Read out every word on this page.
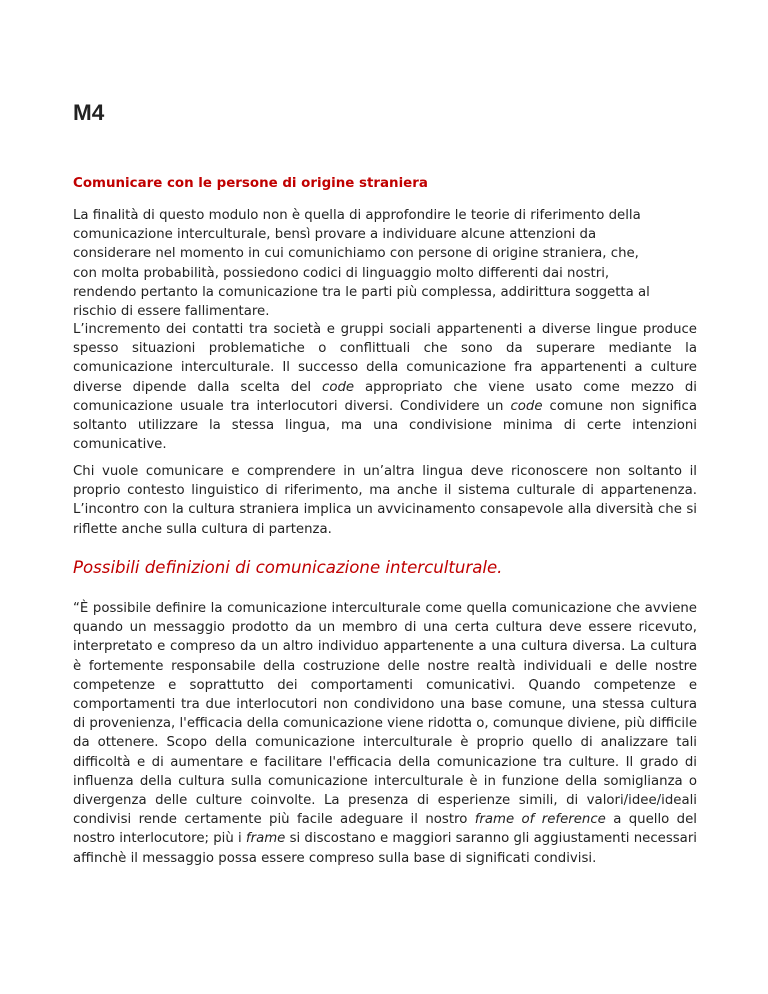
M4
Comunicare con le persone di origine straniera

La finalità di questo modulo non è quella di approfondire le teorie di riferimento della
comunicazione interculturale, bensì provare a individuare alcune attenzioni da
considerare nel momento in cui comunichiamo con persone di origine straniera, che,
con molta probabilità, possiedono codici di linguaggio molto differenti dai nostri,
rendendo pertanto la comunicazione tra le parti più complessa, addirittura soggetta al
rischio di essere fallimentare.

L’incremento dei contatti tra società e gruppi sociali appartenenti a diverse lingue produce spesso situazioni problematiche o conflittuali che sono da superare mediante la comunicazione interculturale. Il successo della comunicazione fra appartenenti a culture diverse dipende dalla scelta del code appropriato che viene usato come mezzo di comunicazione usuale tra interlocutori diversi. Condividere un code comune non significa soltanto utilizzare la stessa lingua, ma una condivisione minima di certe intenzioni comunicative.

Chi vuole comunicare e comprendere in un’altra lingua deve riconoscere non soltanto il proprio contesto linguistico di riferimento, ma anche il sistema culturale di appartenenza. L’incontro con la cultura straniera implica un avvicinamento consapevole alla diversità che si riflette anche sulla cultura di partenza.

Possibili definizioni di comunicazione interculturale.

“È possibile definire la comunicazione interculturale come quella comunicazione che avviene quando un messaggio prodotto da un membro di una certa cultura deve essere ricevuto, interpretato e compreso da un altro individuo appartenente a una cultura diversa. La cultura è fortemente responsabile della costruzione delle nostre realtà individuali e delle nostre competenze e soprattutto dei comportamenti comunicativi. Quando competenze e comportamenti tra due interlocutori non condividono una base comune, una stessa cultura di provenienza, l'efficacia della comunicazione viene ridotta o, comunque diviene, più difficile da ottenere. Scopo della comunicazione interculturale è proprio quello di analizzare tali difficoltà e di aumentare e facilitare l'efficacia della comunicazione tra culture. Il grado di influenza della cultura sulla comunicazione interculturale è in funzione della somiglianza o divergenza delle culture coinvolte. La presenza di esperienze simili, di valori/idee/ideali condivisi rende certamente più facile adeguare il nostro frame of reference a quello del nostro interlocutore; più i frame si discostano e maggiori saranno gli aggiustamenti necessari affinchè il messaggio possa essere compreso sulla base di significati condivisi.
